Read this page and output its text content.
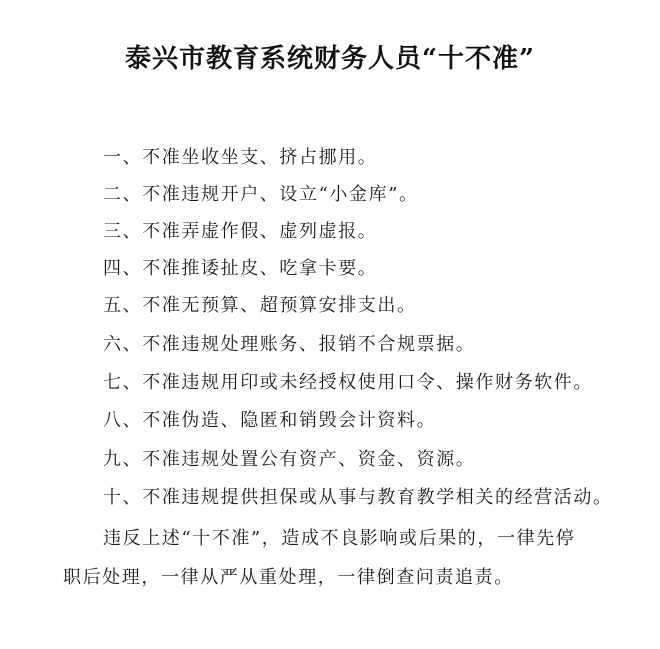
泰兴市教育系统财务人员“十不准”
一、不准坐收坐支、挤占挪用。
二、不准违规开户、设立“小金库”。
三、不准弄虚作假、虚列虚报。
四、不准推诿扯皮、吃拿卡要。
五、不准无预算、超预算安排支出。
六、不准违规处理账务、报销不合规票据。
七、不准违规用印或未经授权使用口令、操作财务软件。
八、不准伪造、隐匿和销毁会计资料。
九、不准违规处置公有资产、资金、资源。
十、不准违规提供担保或从事与教育教学相关的经营活动。
违反上述“十不准”，造成不良影响或后果的，一律先停
职后处理，一律从严从重处理，一律倒查问责追责。
